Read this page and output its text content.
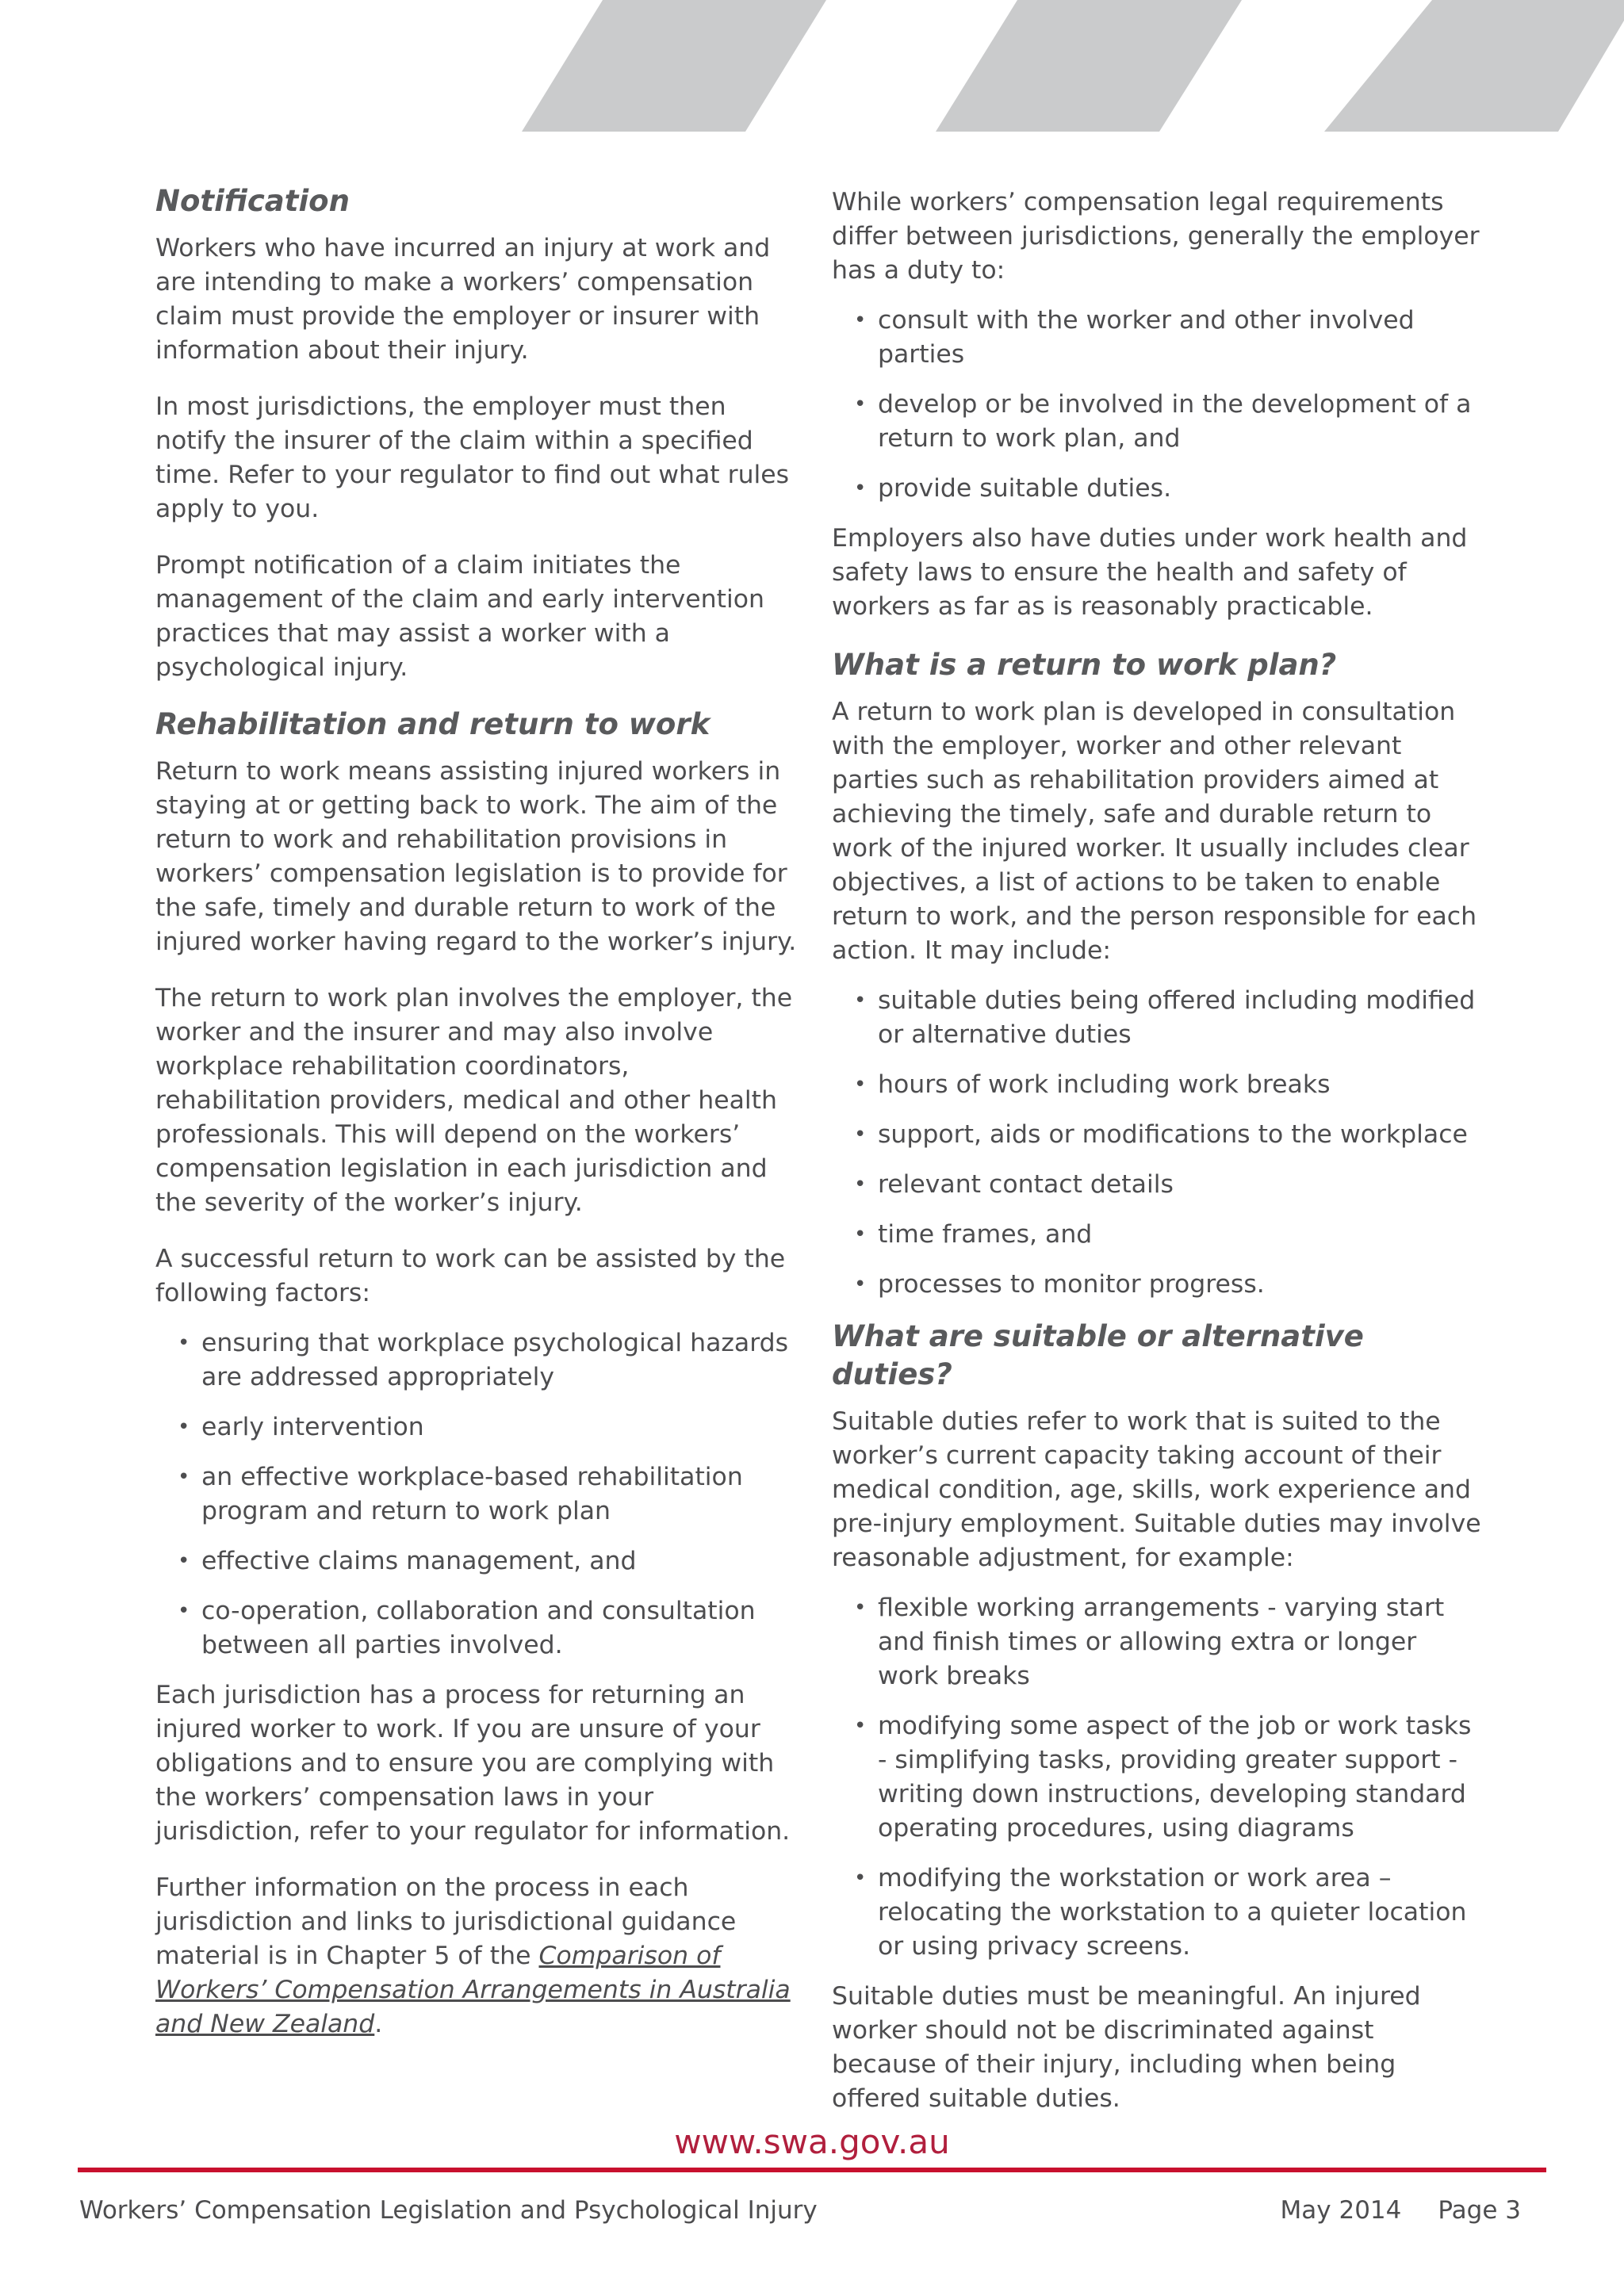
Notification

Workers who have incurred an injury at work and are intending to make a workers’ compensation claim must provide the employer or insurer with information about their injury.

In most jurisdictions, the employer must then notify the insurer of the claim within a specified time. Refer to your regulator to find out what rules apply to you.

Prompt notification of a claim initiates the management of the claim and early intervention practices that may assist a worker with a psychological injury.

Rehabilitation and return to work

Return to work means assisting injured workers in staying at or getting back to work. The aim of the return to work and rehabilitation provisions in workers’ compensation legislation is to provide for the safe, timely and durable return to work of the injured worker having regard to the worker’s injury.

The return to work plan involves the employer, the worker and the insurer and may also involve workplace rehabilitation coordinators, rehabilitation providers, medical and other health professionals. This will depend on the workers’ compensation legislation in each jurisdiction and the severity of the worker’s injury.

A successful return to work can be assisted by the following factors:

• ensuring that workplace psychological hazards are addressed appropriately
• early intervention
• an effective workplace-based rehabilitation program and return to work plan
• effective claims management, and
• co-operation, collaboration and consultation between all parties involved.

Each jurisdiction has a process for returning an injured worker to work. If you are unsure of your obligations and to ensure you are complying with the workers’ compensation laws in your jurisdiction, refer to your regulator for information.

Further information on the process in each jurisdiction and links to jurisdictional guidance material is in Chapter 5 of the Comparison of Workers’ Compensation Arrangements in Australia and New Zealand.

While workers’ compensation legal requirements differ between jurisdictions, generally the employer has a duty to:

• consult with the worker and other involved parties
• develop or be involved in the development of a return to work plan, and
• provide suitable duties.

Employers also have duties under work health and safety laws to ensure the health and safety of workers as far as is reasonably practicable.

What is a return to work plan?

A return to work plan is developed in consultation with the employer, worker and other relevant parties such as rehabilitation providers aimed at achieving the timely, safe and durable return to work of the injured worker. It usually includes clear objectives, a list of actions to be taken to enable return to work, and the person responsible for each action. It may include:

• suitable duties being offered including modified or alternative duties
• hours of work including work breaks
• support, aids or modifications to the workplace
• relevant contact details
• time frames, and
• processes to monitor progress.
What are suitable or alternative duties?

Suitable duties refer to work that is suited to the worker’s current capacity taking account of their medical condition, age, skills, work experience and pre-injury employment. Suitable duties may involve reasonable adjustment, for example:

• flexible working arrangements - varying start and finish times or allowing extra or longer work breaks
• modifying some aspect of the job or work tasks - simplifying tasks, providing greater support - writing down instructions, developing standard operating procedures, using diagrams
• modifying the workstation or work area – relocating the workstation to a quieter location or using privacy screens.

Suitable duties must be meaningful. An injured worker should not be discriminated against because of their injury, including when being offered suitable duties.

www.swa.gov.au
Workers’ Compensation Legislation and Psychological Injury	May 2014 Page 3
